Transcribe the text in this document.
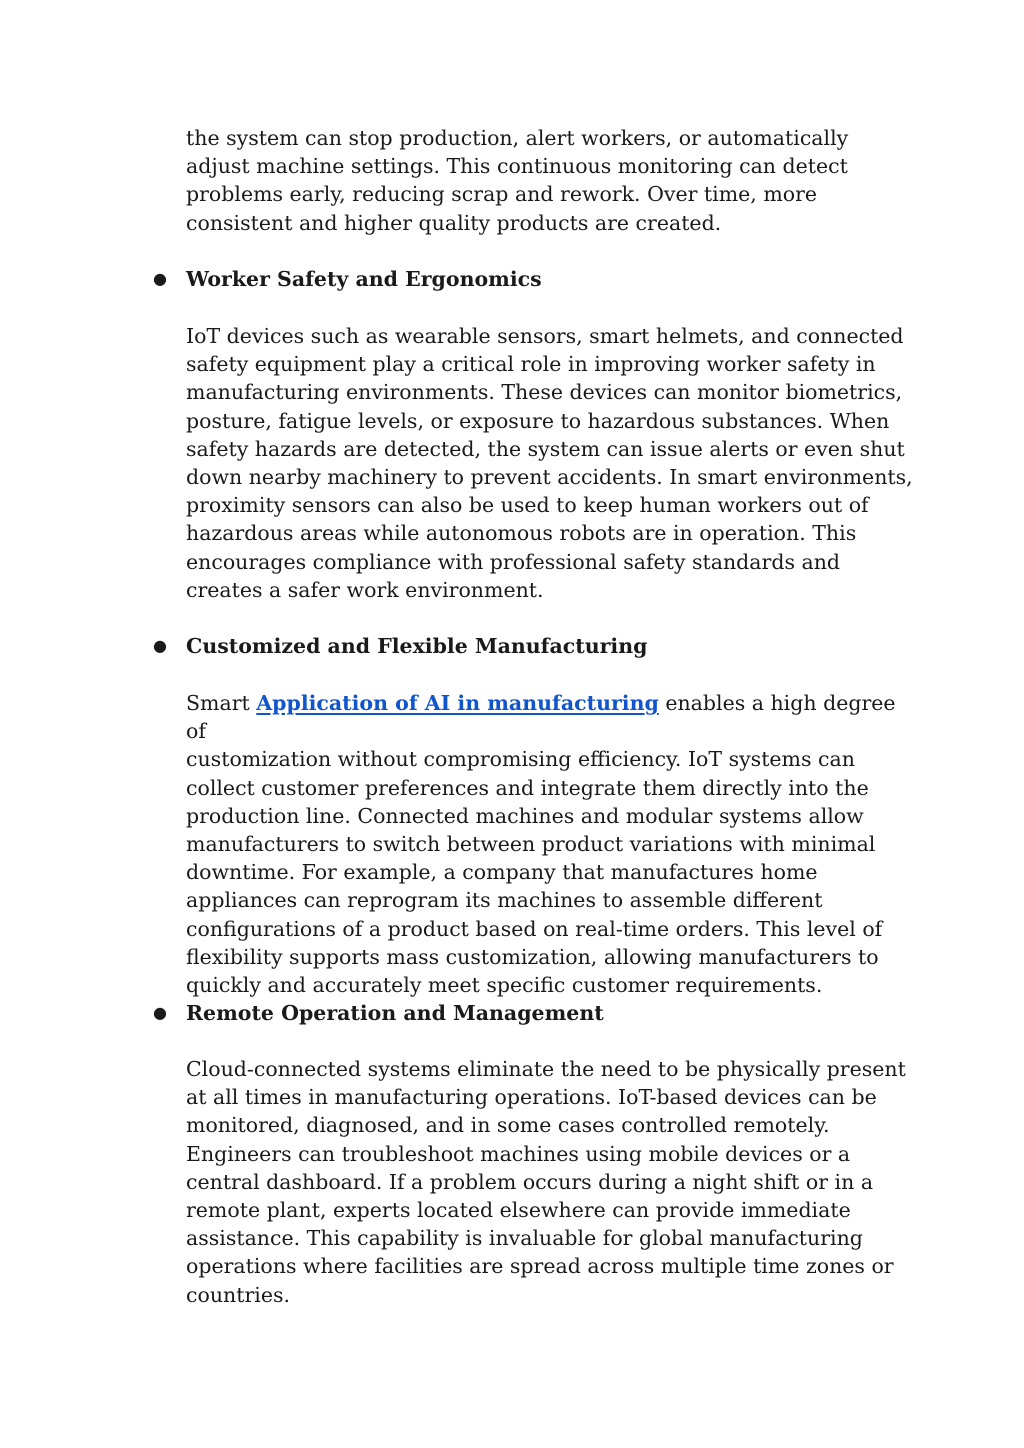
the system can stop production, alert workers, or automatically
adjust machine settings. This continuous monitoring can detect
problems early, reducing scrap and rework. Over time, more
consistent and higher quality products are created.

● Worker Safety and Ergonomics

IoT devices such as wearable sensors, smart helmets, and connected
safety equipment play a critical role in improving worker safety in
manufacturing environments. These devices can monitor biometrics,
posture, fatigue levels, or exposure to hazardous substances. When
safety hazards are detected, the system can issue alerts or even shut
down nearby machinery to prevent accidents. In smart environments,
proximity sensors can also be used to keep human workers out of
hazardous areas while autonomous robots are in operation. This
encourages compliance with professional safety standards and
creates a safer work environment.

● Customized and Flexible Manufacturing

Smart Application of AI in manufacturing enables a high degree of
customization without compromising efficiency. IoT systems can
collect customer preferences and integrate them directly into the
production line. Connected machines and modular systems allow
manufacturers to switch between product variations with minimal
downtime. For example, a company that manufactures home
appliances can reprogram its machines to assemble different
configurations of a product based on real-time orders. This level of
flexibility supports mass customization, allowing manufacturers to
quickly and accurately meet specific customer requirements.

● Remote Operation and Management

Cloud-connected systems eliminate the need to be physically present
at all times in manufacturing operations. IoT-based devices can be
monitored, diagnosed, and in some cases controlled remotely.
Engineers can troubleshoot machines using mobile devices or a
central dashboard. If a problem occurs during a night shift or in a
remote plant, experts located elsewhere can provide immediate
assistance. This capability is invaluable for global manufacturing
operations where facilities are spread across multiple time zones or
countries.
